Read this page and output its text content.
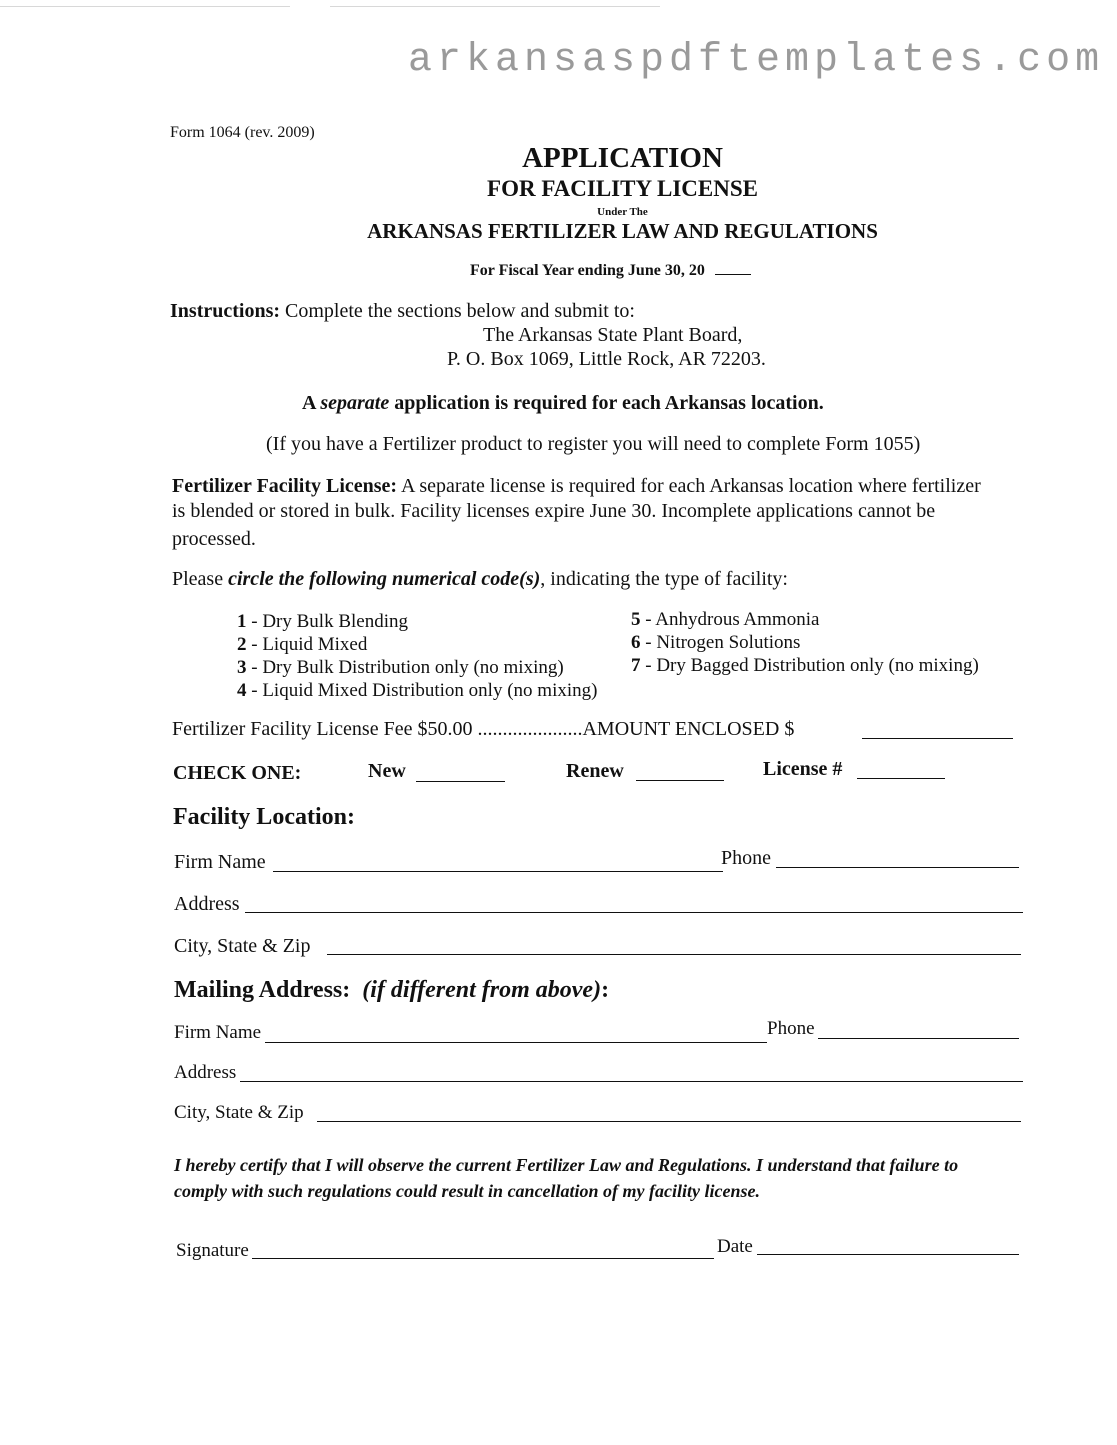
arkansaspdftemplates.com
Form 1064 (rev. 2009)
APPLICATION
FOR FACILITY LICENSE
Under The
ARKANSAS FERTILIZER LAW AND REGULATIONS
For Fiscal Year ending June 30, 20
Instructions: Complete the sections below and submit to:
The Arkansas State Plant Board,
P. O. Box 1069, Little Rock, AR 72203.
A separate application is required for each Arkansas location.
(If you have a Fertilizer product to register you will need to complete Form 1055)
Fertilizer Facility License: A separate license is required for each Arkansas location where fertilizer
is blended or stored in bulk. Facility licenses expire June 30. Incomplete applications cannot be
processed.
Please circle the following numerical code(s), indicating the type of facility:
1 - Dry Bulk Blending
2 - Liquid Mixed
3 - Dry Bulk Distribution only (no mixing)
4 - Liquid Mixed Distribution only (no mixing)
5 - Anhydrous Ammonia
6 - Nitrogen Solutions
7 - Dry Bagged Distribution only (no mixing)
Fertilizer Facility License Fee $50.00 .....................AMOUNT ENCLOSED $
CHECK ONE:	New	Renew	License #
Facility Location:
Firm Name	Phone
Address
City, State & Zip
Mailing Address: (if different from above):
Firm Name	Phone
Address
City, State & Zip
I hereby certify that I will observe the current Fertilizer Law and Regulations. I understand that failure to
comply with such regulations could result in cancellation of my facility license.
Signature	Date
